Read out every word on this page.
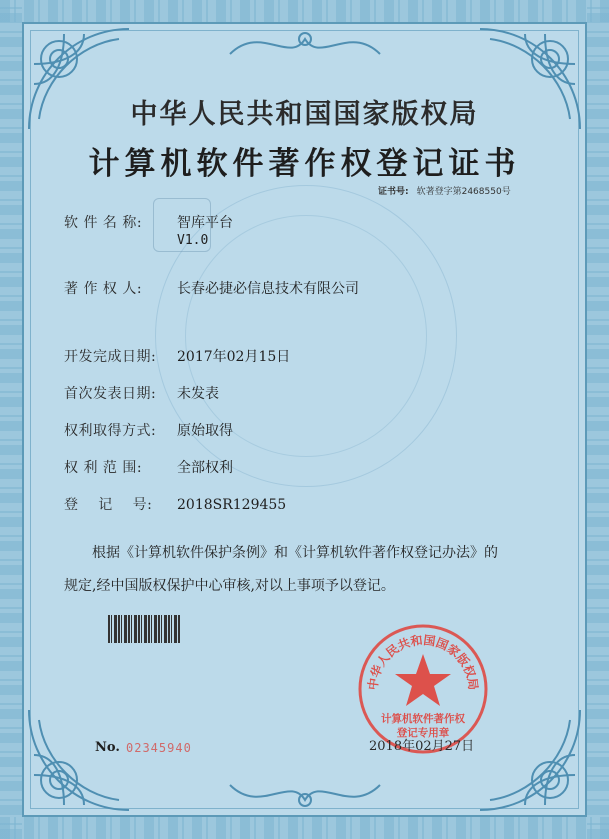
中华人民共和国国家版权局
计算机软件著作权登记证书
证书号: 软著登字第2468550号
软 件 名 称: 智库平台
V1.0
著 作 权 人: 长春必捷必信息技术有限公司
开发完成日期: 2017年02月15日
首次发表日期: 未发表
权利取得方式: 原始取得
权 利 范 围: 全部权利
登    记    号: 2018SR129455
根据《计算机软件保护条例》和《计算机软件著作权登记办法》的
规定,经中国版权保护中心审核,对以上事项予以登记。
中华人民共和国国家版权局
计算机软件著作权
登记专用章
No. 02345940	2018年02月27日
